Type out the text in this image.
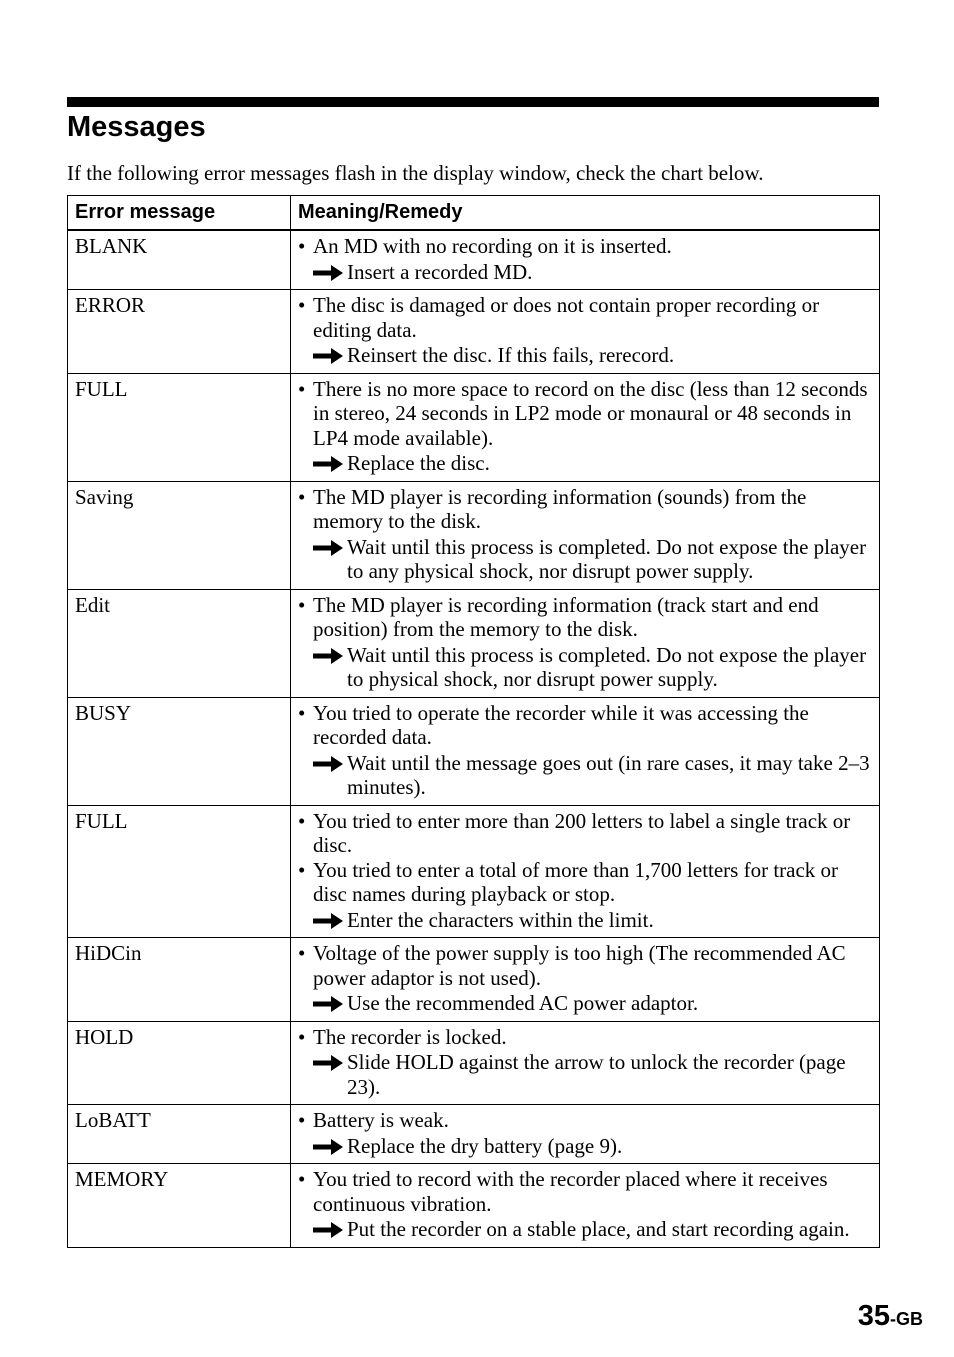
Messages

If the following error messages flash in the display window, check the chart below.

Error message	Meaning/Remedy
BLANK	• An MD with no recording on it is inserted.
Insert a recorded MD.

ERROR	• The disc is damaged or does not contain proper recording or editing data.
Reinsert the disc. If this fails, rerecord.

FULL	• There is no more space to record on the disc (less than 12 seconds in stereo, 24 seconds in LP2 mode or monaural or 48 seconds in LP4 mode available).
Replace the disc.

Saving	• The MD player is recording information (sounds) from the memory to the disk.
Wait until this process is completed. Do not expose the player to any physical shock, nor disrupt power supply.

Edit	• The MD player is recording information (track start and end position) from the memory to the disk.
Wait until this process is completed. Do not expose the player to physical shock, nor disrupt power supply.

BUSY	• You tried to operate the recorder while it was accessing the recorded data.
Wait until the message goes out (in rare cases, it may take 2–3 minutes).

FULL	• You tried to enter more than 200 letters to label a single track or disc.
• You tried to enter a total of more than 1,700 letters for track or disc names during playback or stop.
Enter the characters within the limit.

HiDCin	• Voltage of the power supply is too high (The recommended AC power adaptor is not used).
Use the recommended AC power adaptor.

HOLD	• The recorder is locked.
Slide HOLD against the arrow to unlock the recorder (page 23).

LoBATT	• Battery is weak.
Replace the dry battery (page 9).

MEMORY	• You tried to record with the recorder placed where it receives continuous vibration.
Put the recorder on a stable place, and start recording again.
35-GB
